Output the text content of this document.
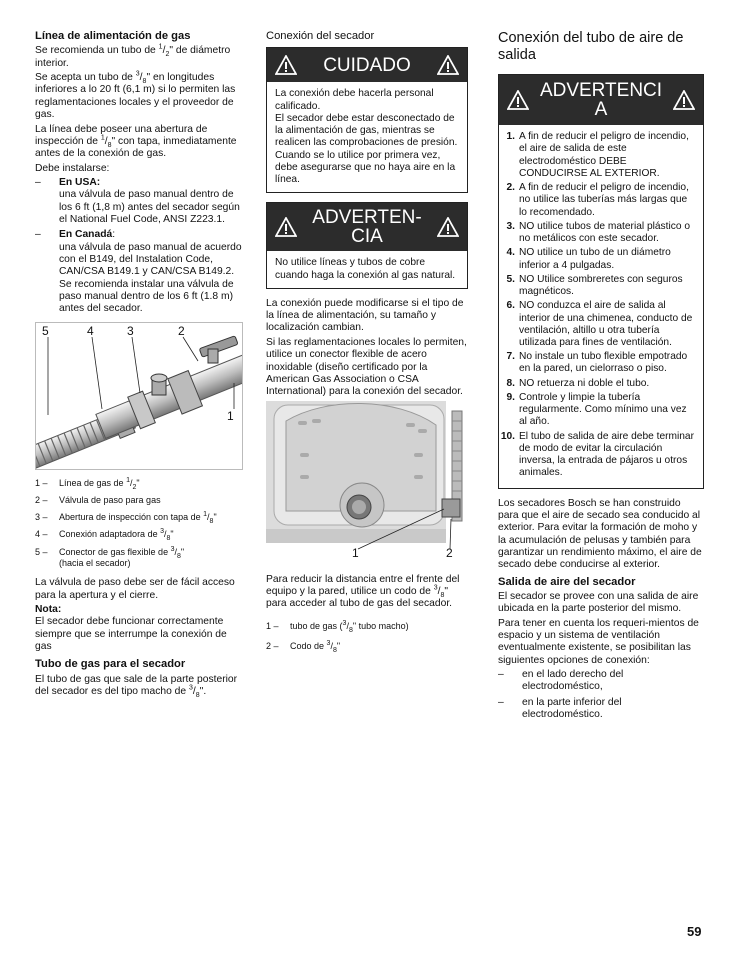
Línea de alimentación de gas

Se recomienda un tubo de $^1/_2$" de diámetro interior.

Se acepta un tubo de $^3/_8$" en longitudes inferiores a lo 20 ft (6,1 m) si lo permiten las reglamentaciones locales y el proveedor de gas.

La línea debe poseer una abertura de inspección de $^1/_8$" con tapa, inmediatamente antes de la conexión de gas.

Debe instalarse:

– En USA:
una válvula de paso manual dentro de los 6 ft (1,8 m) antes del secador según el National Fuel Code, ANSI Z223.1.
– En Canadá:
una válvula de paso manual de acuerdo con el B149, del Instalation Code, CAN/CSA B149.1 y CAN/CSA B149.2. Se recomienda instalar una válvula de paso manual dentro de los 6 ft (1.8 m) antes del secador.
5	4	3	2
1
1 –	Línea de gas de $^1/_2$"
2 –	Válvula de paso para gas
3 –	Abertura de inspección con tapa de $^1/_8$"
4 –	Conexión adaptadora de $^3/_8$"
5 –	Conector de gas flexible de $^3/_8$"
(hacia el secador)

La válvula de paso debe ser de fácil acceso para la apertura y el cierre.

Nota:

El secador debe funcionar correctamente siempre que se interrumpe la conexión de gas

Tubo de gas para el secador

El tubo de gas que sale de la parte posterior del secador es del tipo macho de $^3/_8$".

Conexión del secador
CUIDADO
La conexión debe hacerla personal calificado.
El secador debe estar desconectado de la alimentación de gas, mientras se realicen las comprobaciones de presión.
Cuando se lo utilice por primera vez, debe asegurarse que no haya aire en la línea.
ADVERTEN-
CIA
No utilice líneas y tubos de cobre cuando haga la conexión al gas natural.

La conexión puede modificarse si el tipo de la línea de alimentación, su tamaño y localización cambian.

Si las reglamentaciones locales lo permiten, utilice un conector flexible de acero inoxidable (diseño certificado por la American Gas Association o CSA International) para la conexión del secador.

1	2

Para reducir la distancia entre el frente del equipo y la pared, utilice un codo de $^3/_8$" para acceder al tubo de gas del secador.

1 –	tubo de gas ($^3/_8$" tubo macho)
2 –	Codo de $^3/_8$"
Conexión del tubo de aire de salida
ADVERTENCI
A
1. A fin de reducir el peligro de incendio, el aire de salida de este electrodoméstico DEBE CONDUCIRSE AL EXTERIOR.
2. A fin de reducir el peligro de incendio, no utilice las tuberías más largas que lo recomendado.
3. NO utilice tubos de material plástico o no metálicos con este secador.
4. NO utilice un tubo de un diámetro inferior a 4 pulgadas.
5. NO Utilice sombreretes con seguros magnéticos.
6. NO conduzca el aire de salida al interior de una chimenea, conducto de ventilación, altillo u otra tubería utilizada para fines de ventilación.
7. No instale un tubo flexible empotrado en la pared, un cielorraso o piso.
8. NO retuerza ni doble el tubo.
9. Controle y limpie la tubería regularmente. Como mínimo una vez al año.
10. El tubo de salida de aire debe terminar de modo de evitar la circulación inversa, la entrada de pájaros u otros animales.

Los secadores Bosch se han construido para que el aire de secado sea conducido al exterior. Para evitar la formación de moho y la acumulación de pelusas y también para garantizar un rendimiento máximo, el aire de secado debe conducirse al exterior.

Salida de aire del secador

El secador se provee con una salida de aire ubicada en la parte posterior del mismo.

Para tener en cuenta los requeri-mientos de espacio y un sistema de ventilación eventualmente existente, se posibilitan las siguientes opciones de conexión:

– en el lado derecho del electrodoméstico,
– en la parte inferior del electrodoméstico.
59
